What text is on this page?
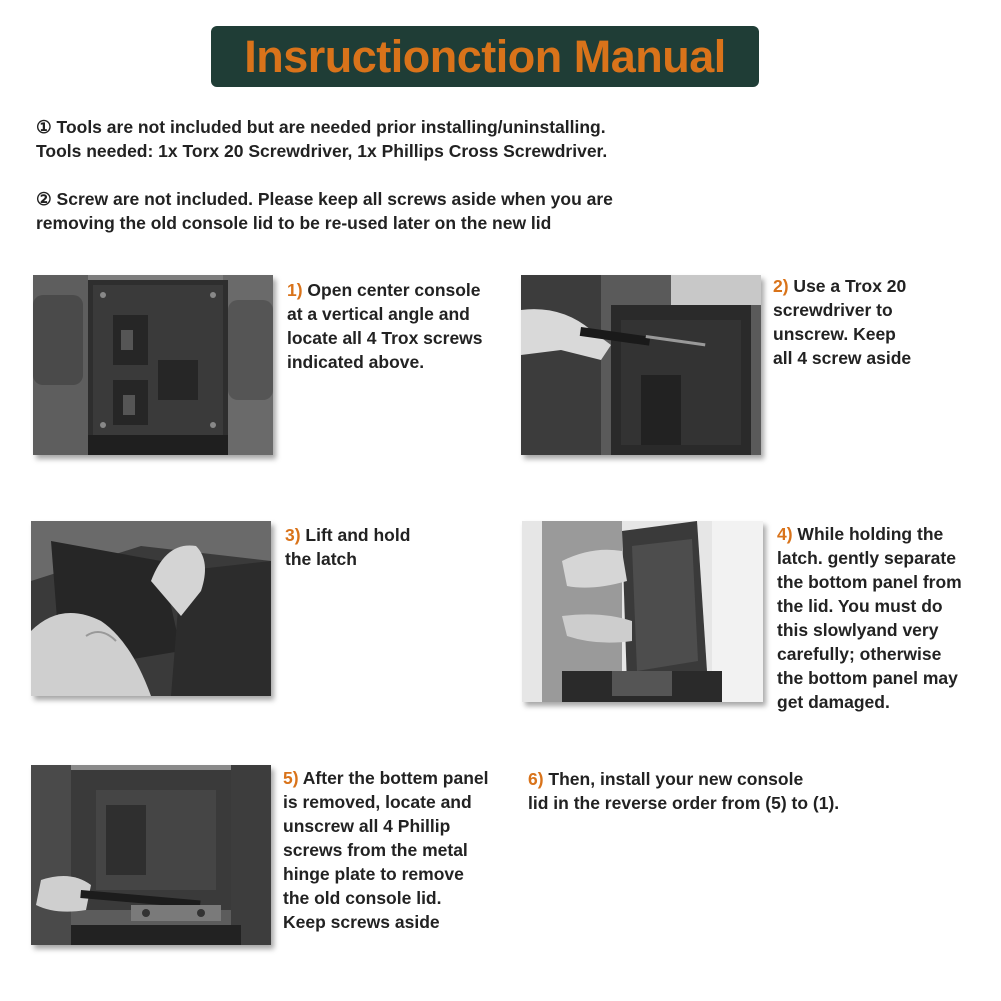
Insructionction Manual
① Tools are not included but are needed prior installing/uninstalling.
Tools needed: 1x Torx 20 Screwdriver, 1x Phillips Cross Screwdriver.
② Screw are not included. Please keep all screws aside when you are
removing the old console lid to be re-used later on the new lid
1) Open center console
at a vertical angle and
locate all 4 Trox screws
indicated above.
2) Use a Trox 20
screwdriver to
unscrew. Keep
all 4 screw aside
3) Lift and hold
the latch
4) While holding the
latch. gently separate
the bottom panel from
the lid. You must do
this slowlyand very
carefully; otherwise
the bottom panel may
get damaged.
5) After the bottem panel
is removed, locate and
unscrew all 4 Phillip
screws from the metal
hinge plate to remove
the old console lid.
Keep screws aside
6) Then, install your new console
lid in the reverse order from (5) to (1).
